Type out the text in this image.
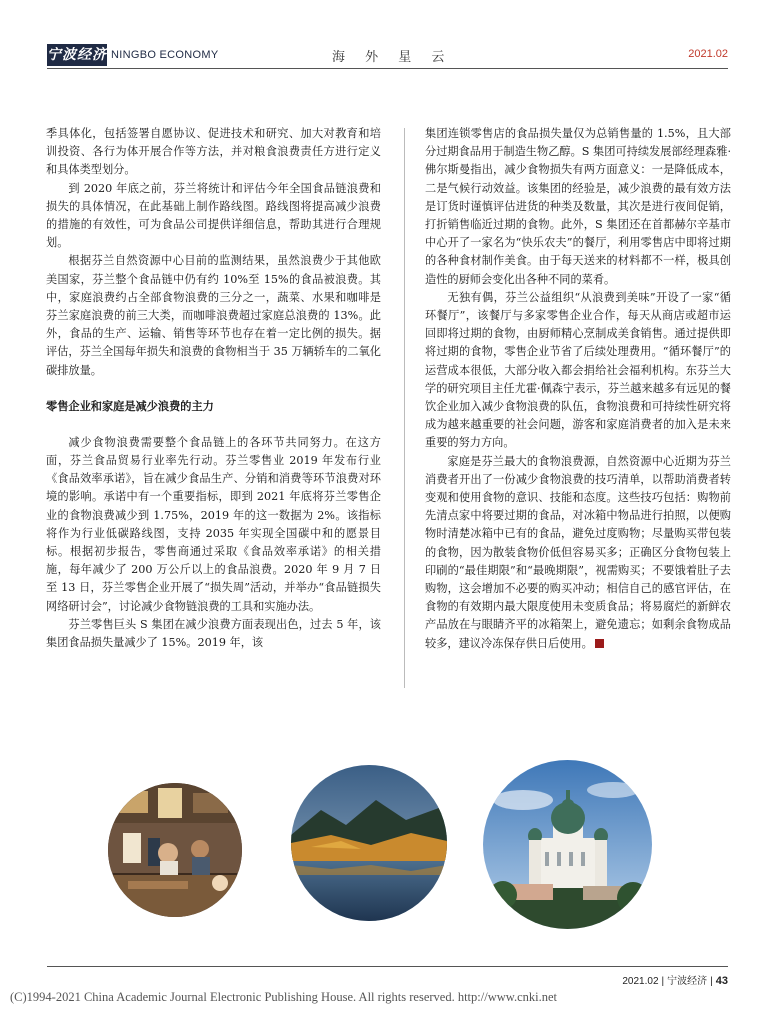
宁波经济 NINGBO ECONOMY	海 外 星 云	2021.02

季具体化，包括签署自愿协议、促进技术和研究、加大对教育和培训投资、各行为体开展合作等方法，并对粮食浪费责任方进行定义和具体类型划分。

到 2020 年底之前，芬兰将统计和评估今年全国食品链浪费和损失的具体情况，在此基础上制作路线图。路线图将提高减少浪费的措施的有效性，可为食品公司提供详细信息，帮助其进行合理规划。

根据芬兰自然资源中心目前的监测结果，虽然浪费少于其他欧美国家，芬兰整个食品链中仍有约 10%至 15%的食品被浪费。其中，家庭浪费约占全部食物浪费的三分之一，蔬菜、水果和咖啡是芬兰家庭浪费的前三大类，而咖啡浪费超过家庭总浪费的 13%。此外，食品的生产、运输、销售等环节也存在着一定比例的损失。据评估，芬兰全国每年损失和浪费的食物相当于 35 万辆轿车的二氧化碳排放量。

零售企业和家庭是减少浪费的主力

减少食物浪费需要整个食品链上的各环节共同努力。在这方面，芬兰食品贸易行业率先行动。芬兰零售业 2019 年发布行业《食品效率承诺》，旨在减少食品生产、分销和消费等环节浪费对环境的影响。承诺中有一个重要指标，即到 2021 年底将芬兰零售企业的食物浪费减少到 1.75%，2019 年的这一数据为 2%。该指标将作为行业低碳路线图，支持 2035 年实现全国碳中和的愿景目标。根据初步报告，零售商通过采取《食品效率承诺》的相关措施，每年减少了 200 万公斤以上的食品浪费。2020 年 9 月 7 日至 13 日，芬兰零售企业开展了“损失周”活动，并举办“食品链损失网络研讨会”，讨论减少食物链浪费的工具和实施办法。

芬兰零售巨头 S 集团在减少浪费方面表现出色，过去 5 年，该集团食品损失量减少了 15%。2019 年，该

集团连锁零售店的食品损失量仅为总销售量的 1.5%，且大部分过期食品用于制造生物乙醇。S 集团可持续发展部经理森雅·佛尔斯曼指出，减少食物损失有两方面意义：一是降低成本，二是气候行动效益。该集团的经验是，减少浪费的最有效方法是订货时谨慎评估进货的种类及数量，其次是进行夜间促销，打折销售临近过期的食物。此外，S 集团还在首都赫尔辛基市中心开了一家名为“快乐农夫”的餐厅，利用零售店中即将过期的各种食材制作美食。由于每天送来的材料都不一样，极具创造性的厨师会变化出各种不同的菜肴。

无独有偶，芬兰公益组织“从浪费到美味”开设了一家“循环餐厅”，该餐厅与多家零售企业合作，每天从商店或超市运回即将过期的食物，由厨师精心烹制成美食销售。通过提供即将过期的食物，零售企业节省了后续处理费用。“循环餐厅”的运营成本很低，大部分收入都会捐给社会福利机构。东芬兰大学的研究项目主任尤霍·佩森宁表示，芬兰越来越多有远见的餐饮企业加入减少食物浪费的队伍，食物浪费和可持续性研究将成为越来越重要的社会问题，游客和家庭消费者的加入是未来重要的努力方向。

家庭是芬兰最大的食物浪费源，自然资源中心近期为芬兰消费者开出了一份减少食物浪费的技巧清单，以帮助消费者转变观和使用食物的意识、技能和态度。这些技巧包括：购物前先清点家中将要过期的食品，对冰箱中物品进行拍照，以便购物时清楚冰箱中已有的食品，避免过度购物；尽量购买带包装的食物，因为散装食物价低但容易买多；正确区分食物包装上印刷的“最佳期限”和“最晚期限”，视需购买；不要饿着肚子去购物，这会增加不必要的购买冲动；相信自己的感官评估，在食物的有效期内最大限度使用未变质食品；将易腐烂的新鲜农产品放在与眼睛齐平的冰箱架上，避免遗忘；如剩余食物成品较多，建议冷冻保存供日后使用。

2021.02 | 宁波经济 | 43
(C)1994-2021 China Academic Journal Electronic Publishing House. All rights reserved. http://www.cnki.net
